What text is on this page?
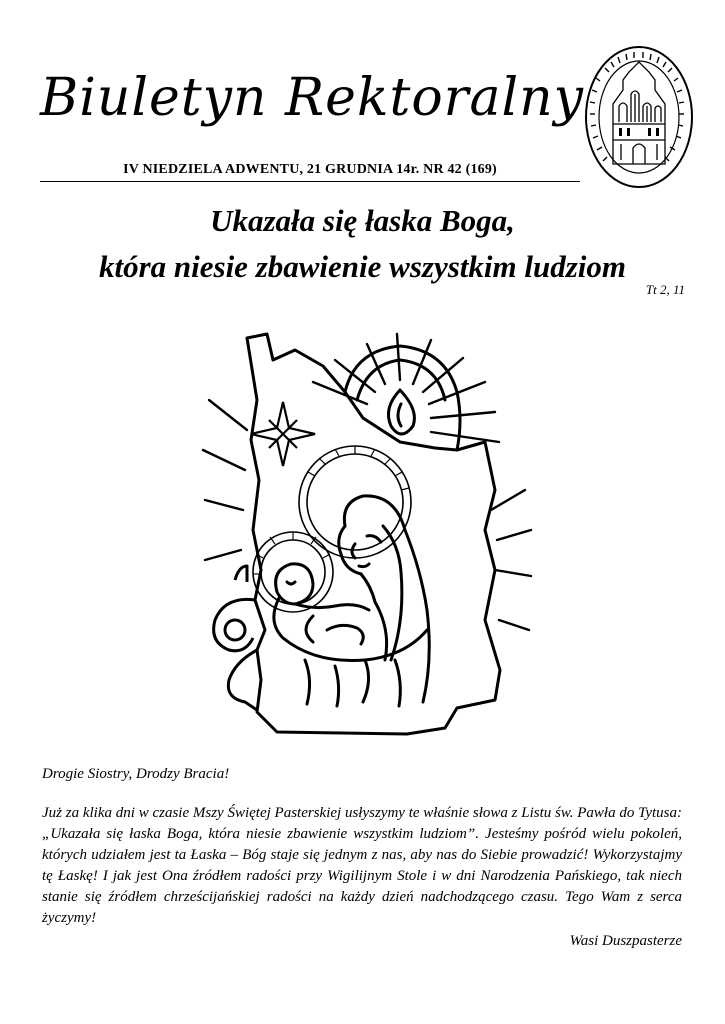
Biuletyn Rektoralny
IV NIEDZIELA ADWENTU, 21 GRUDNIA 14r. NR 42 (169)
Ukazała się łaska Boga,
która niesie zbawienie wszystkim ludziom
Tt 2, 11

Drogie Siostry, Drodzy Bracia!

Już za klika dni w czasie Mszy Świętej Pasterskiej usłyszymy te właśnie słowa z Listu św. Pawła do Tytusa: „Ukazała się łaska Boga, która niesie zbawienie wszystkim ludziom”. Jesteśmy pośród wielu pokoleń, których udziałem jest ta Łaska – Bóg staje się jednym z nas, aby nas do Siebie prowadzić! Wykorzystajmy tę Łaskę! I jak jest Ona źródłem radości przy Wigilijnym Stole i w dni Narodzenia Pańskiego, tak niech stanie się źródłem chrześcijańskiej radości na każdy dzień nadchodzącego czasu. Tego Wam z serca życzymy!

Wasi Duszpasterze
